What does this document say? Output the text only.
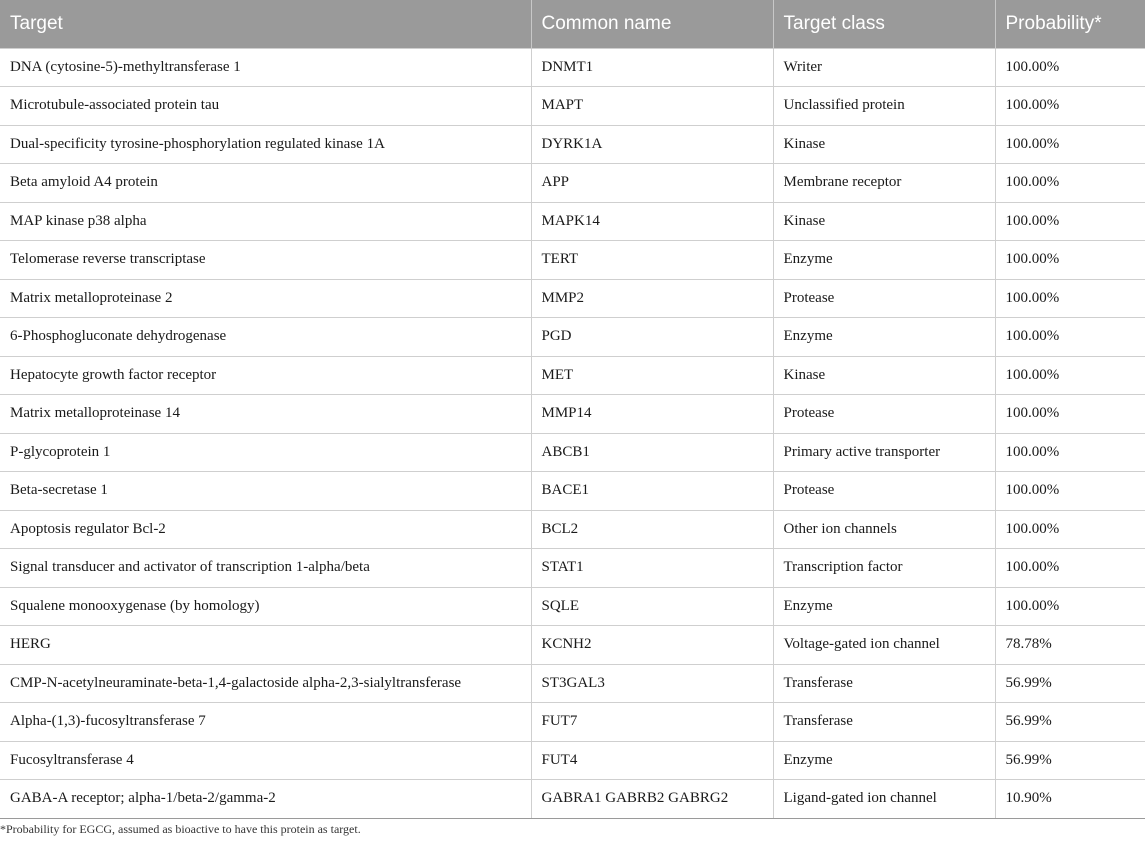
Target	Common name	Target class	Probability*
DNA (cytosine-5)-methyltransferase 1	DNMT1	Writer	100.00%
Microtubule-associated protein tau	MAPT	Unclassified protein	100.00%
Dual-specificity tyrosine-phosphorylation regulated kinase 1A	DYRK1A	Kinase	100.00%
Beta amyloid A4 protein	APP	Membrane receptor	100.00%
MAP kinase p38 alpha	MAPK14	Kinase	100.00%
Telomerase reverse transcriptase	TERT	Enzyme	100.00%
Matrix metalloproteinase 2	MMP2	Protease	100.00%
6-Phosphogluconate dehydrogenase	PGD	Enzyme	100.00%
Hepatocyte growth factor receptor	MET	Kinase	100.00%
Matrix metalloproteinase 14	MMP14	Protease	100.00%
P-glycoprotein 1	ABCB1	Primary active transporter	100.00%
Beta-secretase 1	BACE1	Protease	100.00%
Apoptosis regulator Bcl-2	BCL2	Other ion channels	100.00%
Signal transducer and activator of transcription 1-alpha/beta	STAT1	Transcription factor	100.00%
Squalene monooxygenase (by homology)	SQLE	Enzyme	100.00%
HERG	KCNH2	Voltage-gated ion channel	78.78%
CMP-N-acetylneuraminate-beta-1,4-galactoside alpha-2,3-sialyltransferase	ST3GAL3	Transferase	56.99%
Alpha-(1,3)-fucosyltransferase 7	FUT7	Transferase	56.99%
Fucosyltransferase 4	FUT4	Enzyme	56.99%
GABA-A receptor; alpha-1/beta-2/gamma-2	GABRA1 GABRB2 GABRG2	Ligand-gated ion channel	10.90%
*Probability for EGCG, assumed as bioactive to have this protein as target.
